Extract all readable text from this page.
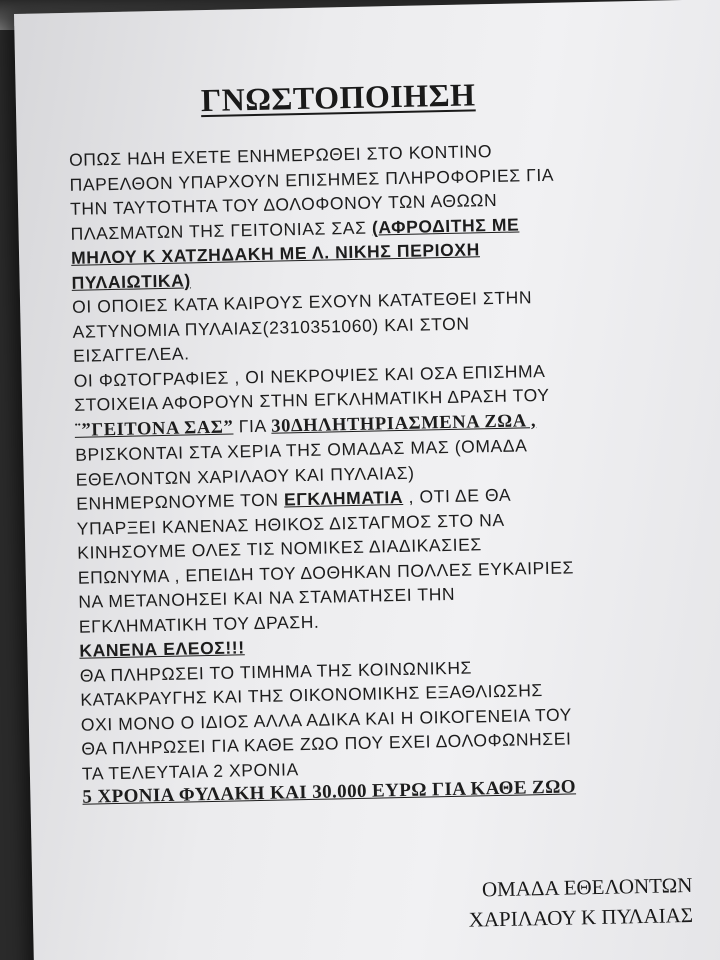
ΓΝΩΣΤΟΠΟΙΗΣΗ
ΟΠΩΣ ΗΔΗ ΕΧΕΤΕ ΕΝΗΜΕΡΩΘΕΙ ΣΤΟ ΚΟΝΤΙΝΟ
ΠΑΡΕΛΘΟΝ ΥΠΑΡΧΟΥΝ ΕΠΙΣΗΜΕΣ ΠΛΗΡΟΦΟΡΙΕΣ ΓΙΑ
ΤΗΝ ΤΑΥΤΟΤΗΤΑ ΤΟΥ ΔΟΛΟΦΟΝΟΥ ΤΩΝ ΑΘΩΩΝ
ΠΛΑΣΜΑΤΩΝ ΤΗΣ ΓΕΙΤΟΝΙΑΣ ΣΑΣ (ΑΦΡΟΔΙΤΗΣ ΜΕ
ΜΗΛΟΥ Κ ΧΑΤΖΗΔΑΚΗ ΜΕ Λ. ΝΙΚΗΣ ΠΕΡΙΟΧΗ
ΠΥΛΑΙΩΤΙΚΑ)
ΟΙ ΟΠΟΙΕΣ ΚΑΤΑ ΚΑΙΡΟΥΣ ΕΧΟΥΝ ΚΑΤΑΤΕΘΕΙ ΣΤΗΝ
ΑΣΤΥΝΟΜΙΑ ΠΥΛΑΙΑΣ(2310351060) ΚΑΙ ΣΤΟΝ
ΕΙΣΑΓΓΕΛΕΑ.
ΟΙ ΦΩΤΟΓΡΑΦΙΕΣ , ΟΙ ΝΕΚΡΟΨΙΕΣ ΚΑΙ ΟΣΑ ΕΠΙΣΗΜΑ
ΣΤΟΙΧΕΙΑ ΑΦΟΡΟΥΝ ΣΤΗΝ ΕΓΚΛΗΜΑΤΙΚΗ ΔΡΑΣΗ ΤΟΥ
¨”ΓΕΙΤΟΝΑ ΣΑΣ” ΓΙΑ 30ΔΗΛΗΤΗΡΙΑΣΜΕΝΑ ΖΩΑ ,
ΒΡΙΣΚΟΝΤΑΙ ΣΤΑ ΧΕΡΙΑ ΤΗΣ ΟΜΑΔΑΣ ΜΑΣ (ΟΜΑΔΑ
ΕΘΕΛΟΝΤΩΝ ΧΑΡΙΛΑΟΥ ΚΑΙ ΠΥΛΑΙΑΣ)
ΕΝΗΜΕΡΩΝΟΥΜΕ ΤΟΝ ΕΓΚΛΗΜΑΤΙΑ , ΟΤΙ ΔΕ ΘΑ
ΥΠΑΡΞΕΙ ΚΑΝΕΝΑΣ ΗΘΙΚΟΣ ΔΙΣΤΑΓΜΟΣ ΣΤΟ ΝΑ
ΚΙΝΗΣΟΥΜΕ ΟΛΕΣ ΤΙΣ ΝΟΜΙΚΕΣ ΔΙΑΔΙΚΑΣΙΕΣ
ΕΠΩΝΥΜΑ , ΕΠΕΙΔΗ ΤΟΥ ΔΟΘΗΚΑΝ ΠΟΛΛΕΣ ΕΥΚΑΙΡΙΕΣ
ΝΑ ΜΕΤΑΝΟΗΣΕΙ ΚΑΙ ΝΑ ΣΤΑΜΑΤΗΣΕΙ ΤΗΝ
ΕΓΚΛΗΜΑΤΙΚΗ ΤΟΥ ΔΡΑΣΗ.
ΚΑΝΕΝΑ ΕΛΕΟΣ!!!
ΘΑ ΠΛΗΡΩΣΕΙ ΤΟ ΤΙΜΗΜΑ ΤΗΣ ΚΟΙΝΩΝΙΚΗΣ
ΚΑΤΑΚΡΑΥΓΗΣ ΚΑΙ ΤΗΣ ΟΙΚΟΝΟΜΙΚΗΣ ΕΞΑΘΛΙΩΣΗΣ
ΟΧΙ ΜΟΝΟ Ο ΙΔΙΟΣ ΑΛΛΑ ΑΔΙΚΑ ΚΑΙ Η ΟΙΚΟΓΕΝΕΙΑ ΤΟΥ
ΘΑ ΠΛΗΡΩΣΕΙ ΓΙΑ ΚΑΘΕ ΖΩΟ ΠΟΥ ΕΧΕΙ ΔΟΛΟΦΩΝΗΣΕΙ
ΤΑ ΤΕΛΕΥΤΑΙΑ 2 ΧΡΟΝΙΑ
5 ΧΡΟΝΙΑ ΦΥΛΑΚΗ ΚΑΙ 30.000 ΕΥΡΩ ΓΙΑ ΚΑΘΕ ΖΩΟ
ΟΜΑΔΑ ΕΘΕΛΟΝΤΩΝ
ΧΑΡΙΛΑΟΥ Κ ΠΥΛΑΙΑΣ
